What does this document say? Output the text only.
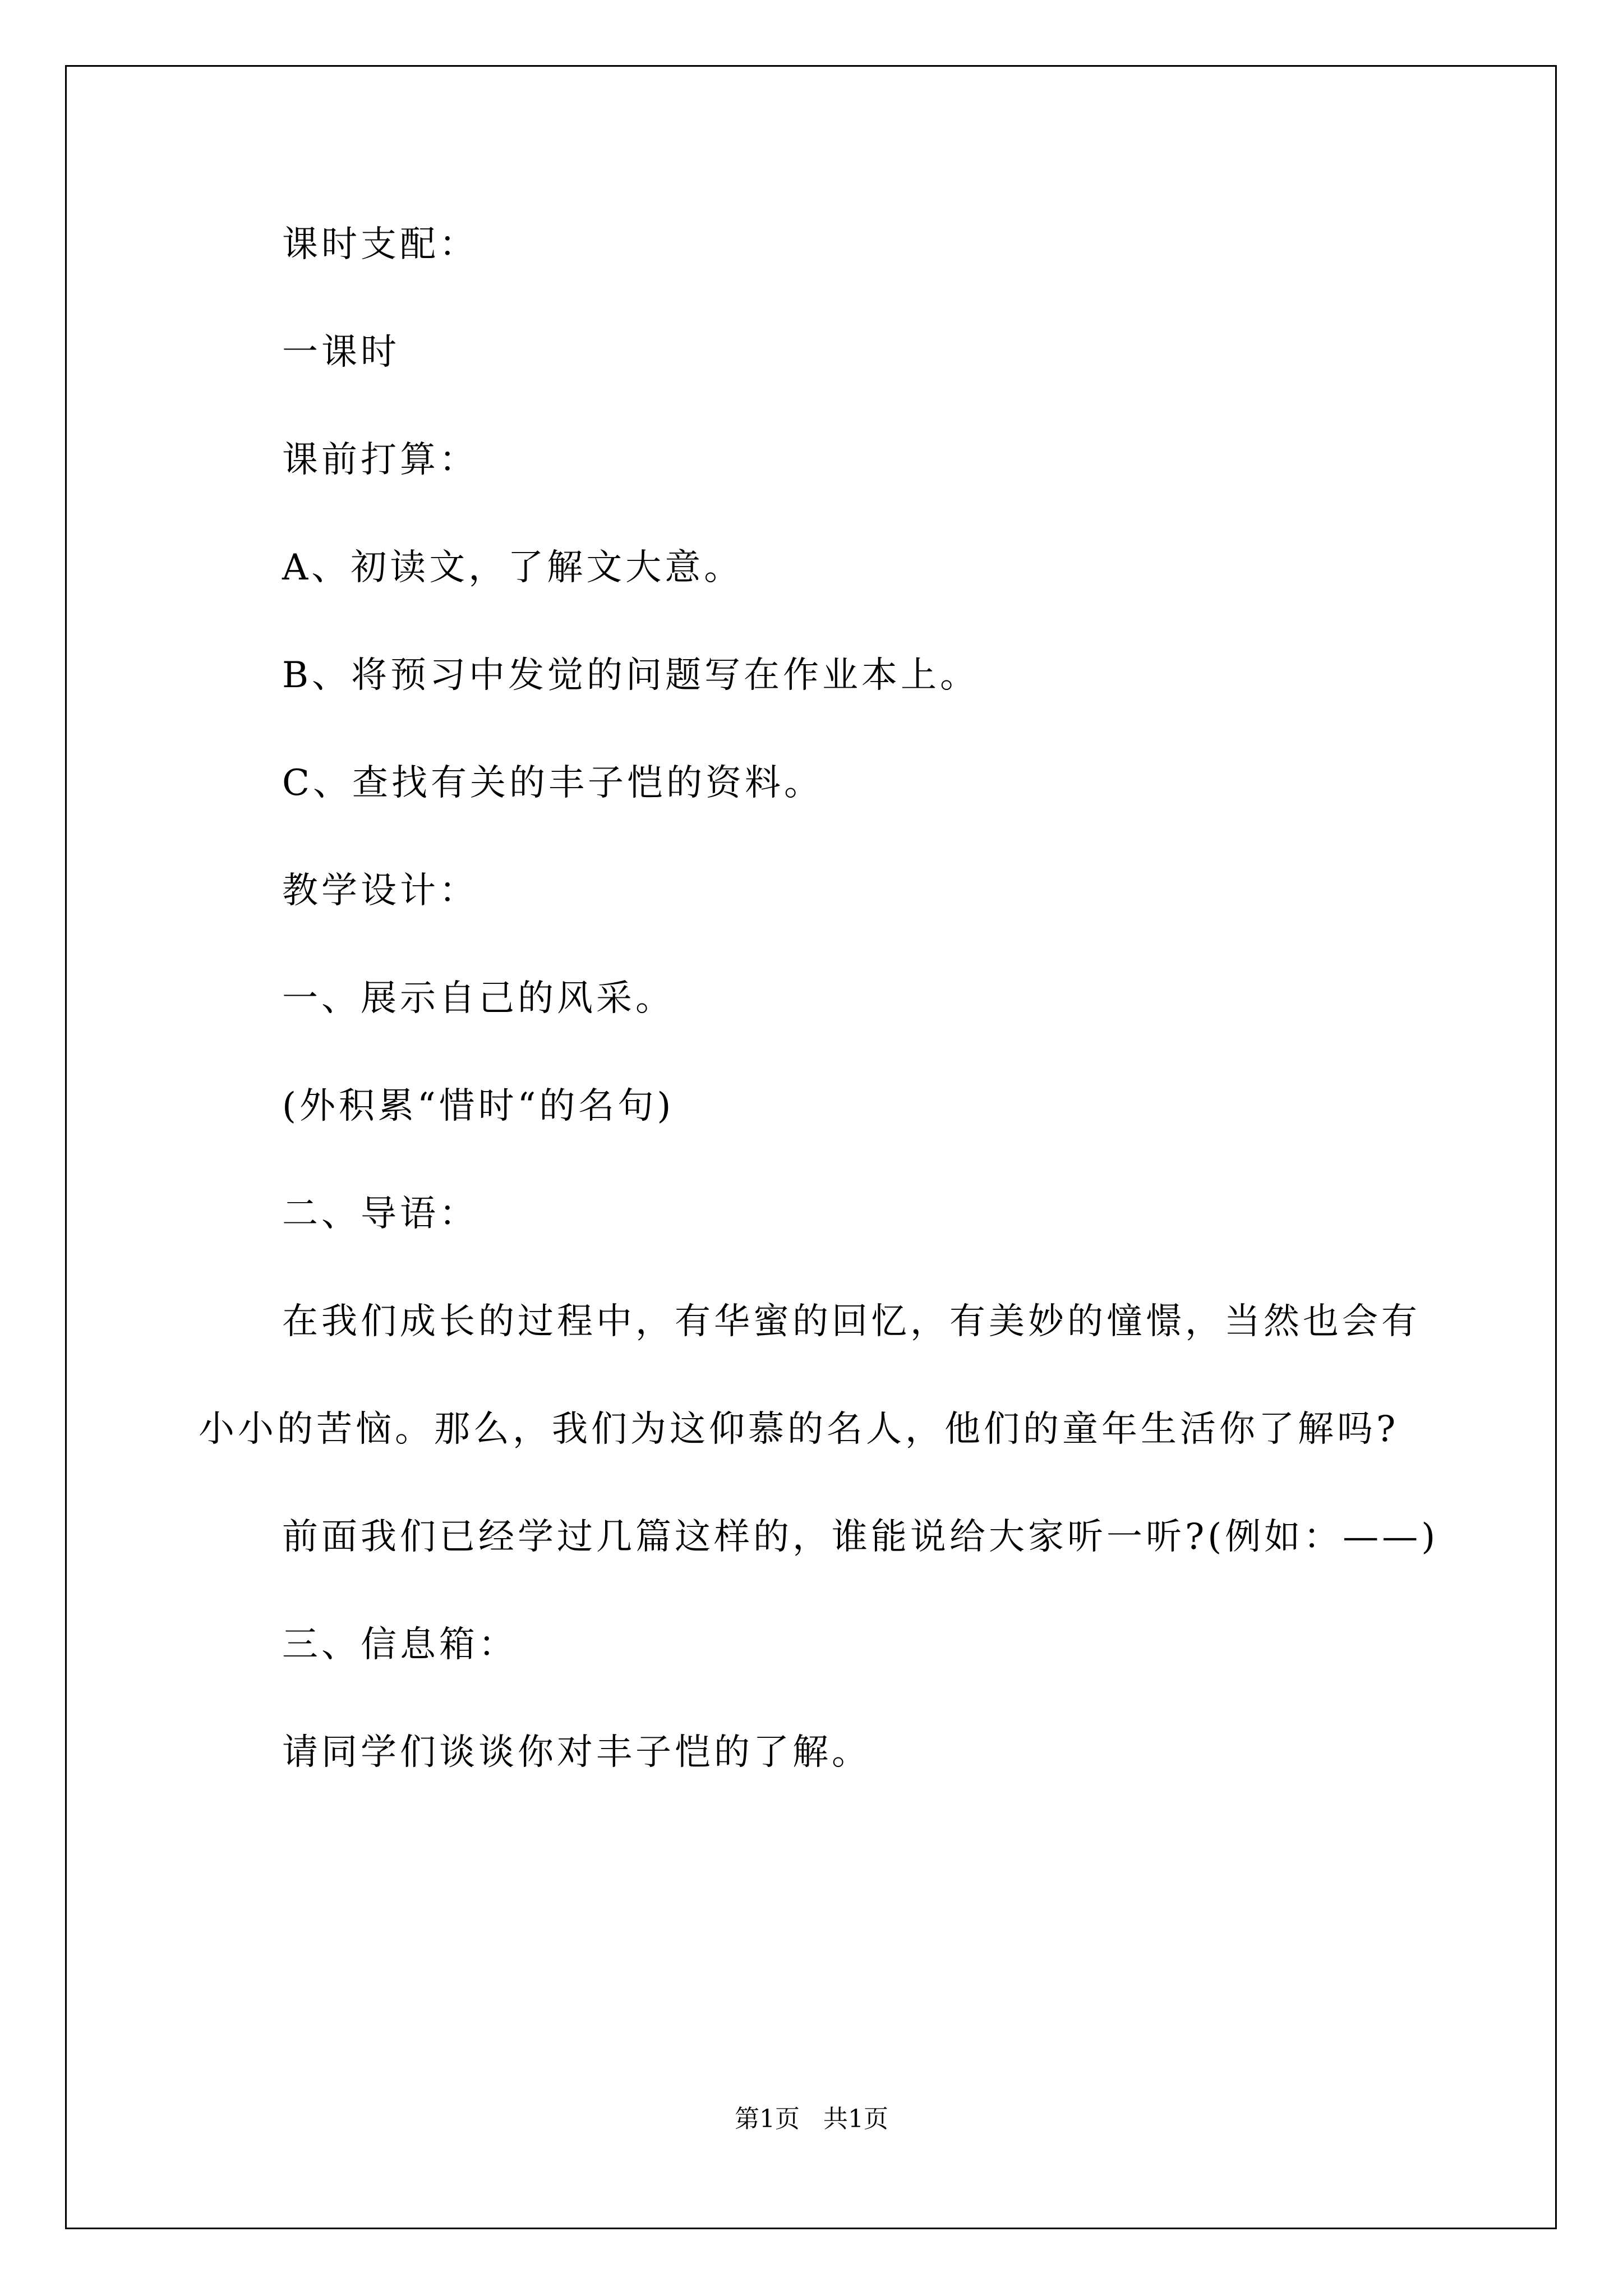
课时支配：

一课时

课前打算：

A、初读文，了解文大意。

B、将预习中发觉的问题写在作业本上。

C、查找有关的丰子恺的资料。

教学设计：

一、展示自己的风采。

(外积累“惜时“的名句)

二、导语：

在我们成长的过程中，有华蜜的回忆，有美妙的憧憬，当然也会有小小的苦恼。那么，我们为这仰慕的名人，他们的童年生活你了解吗?

前面我们已经学过几篇这样的，谁能说给大家听一听?(例如：——)

三、信息箱：

请同学们谈谈你对丰子恺的了解。

第1页 共1页
